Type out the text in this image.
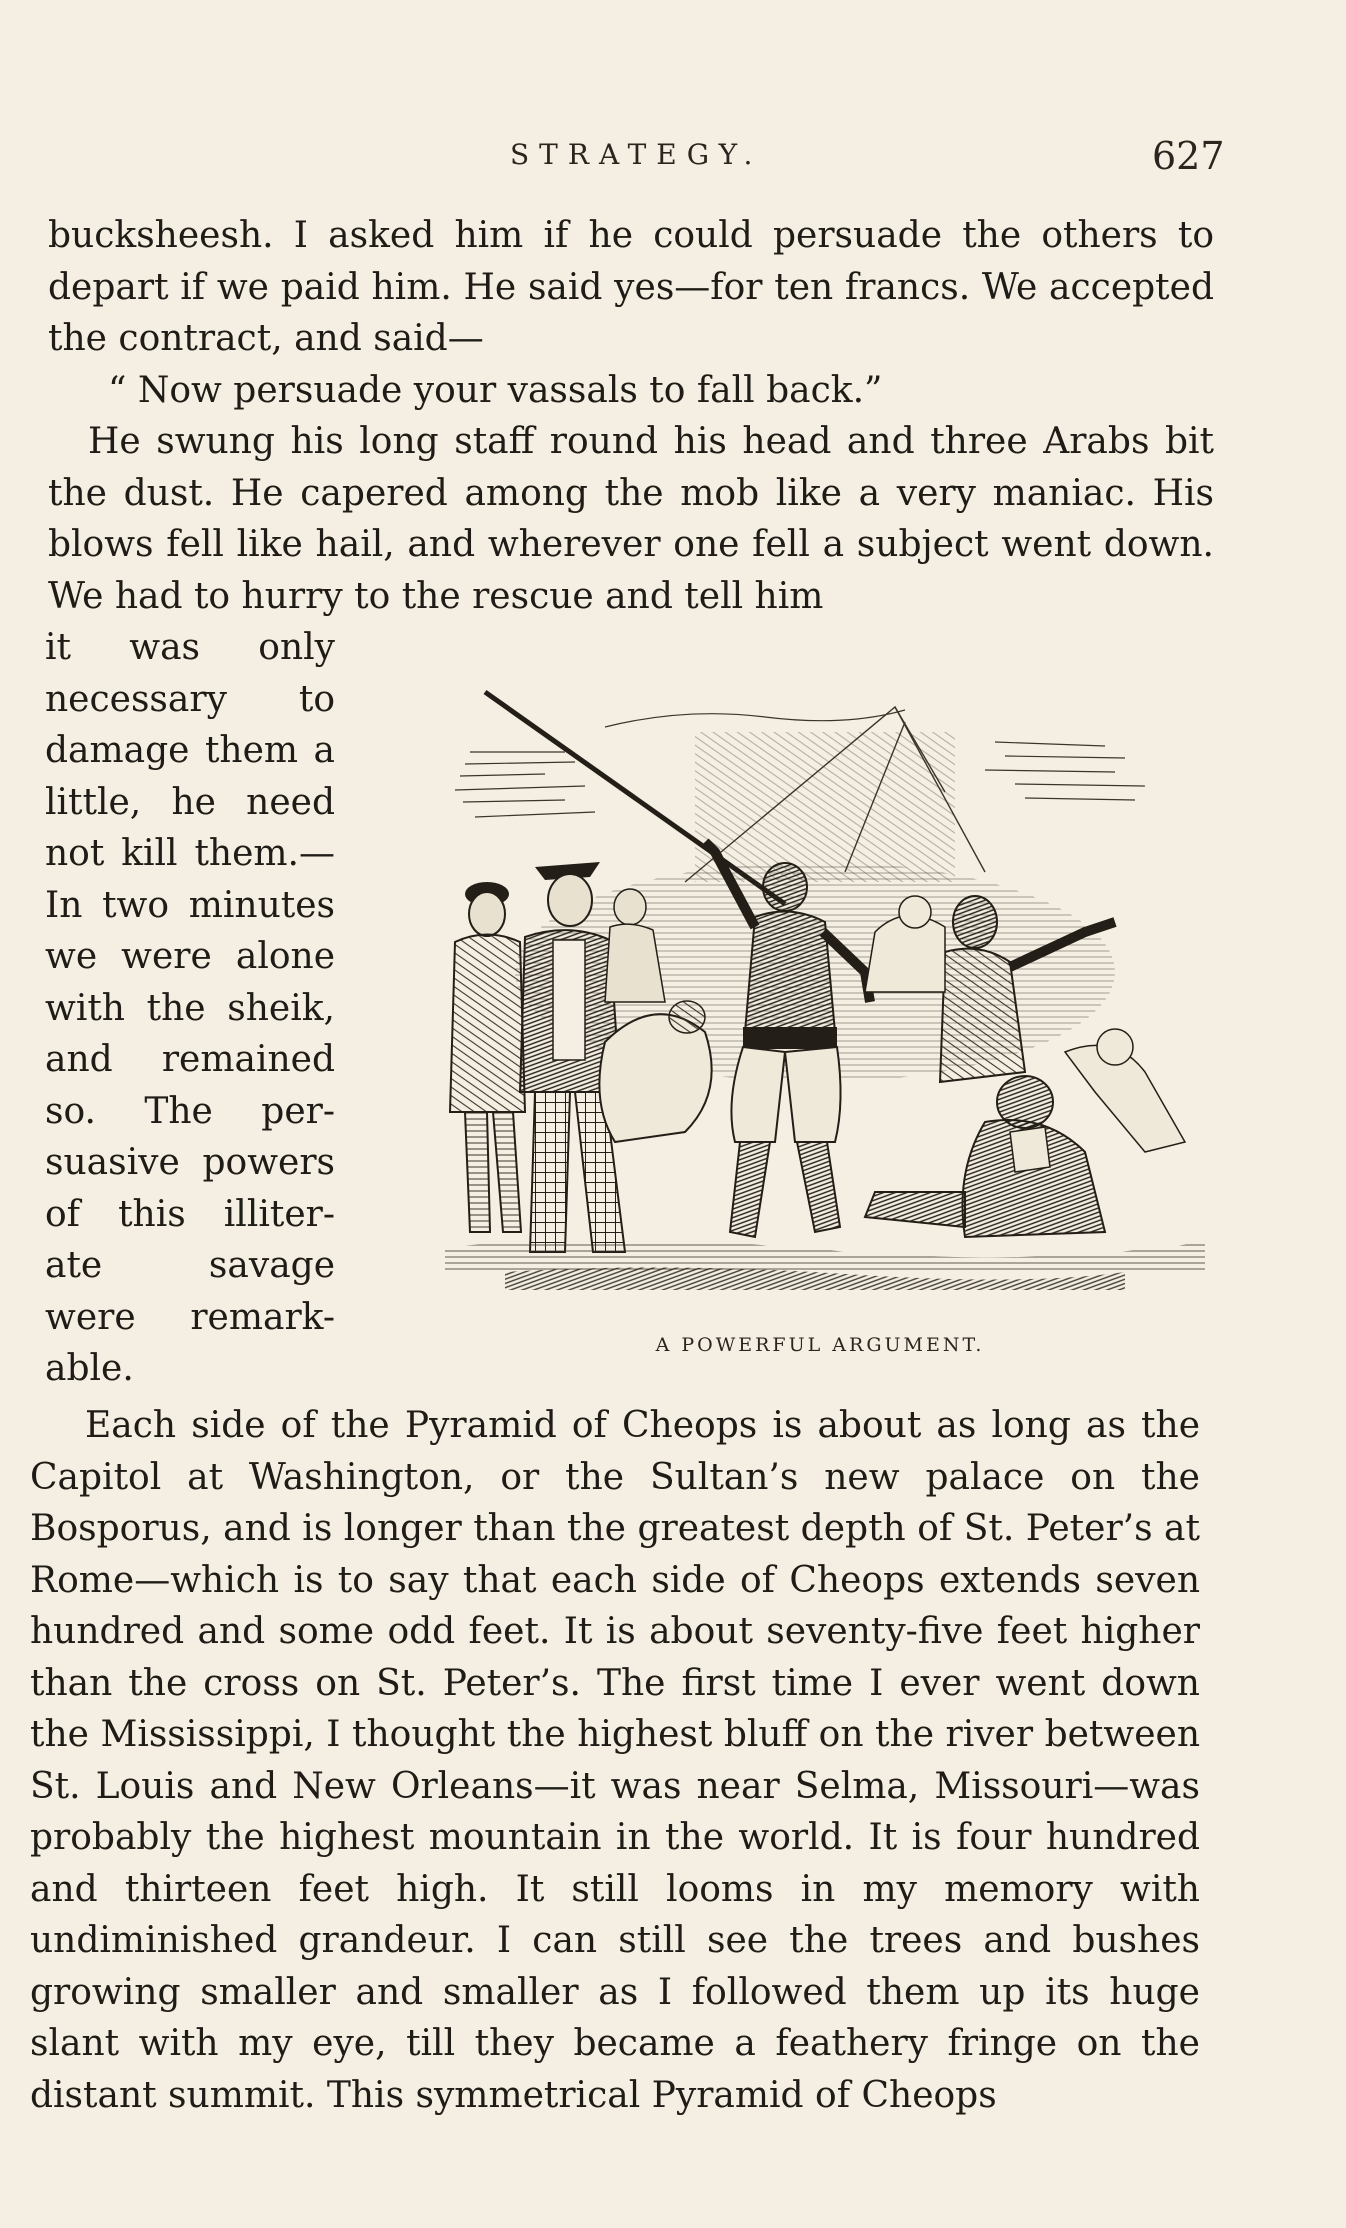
STRATEGY.	627

bucksheesh. I asked him if he could persuade the others to depart if we paid him. He said yes—for ten francs. We accepted the contract, and said—

“ Now persuade your vassals to fall back.”

He swung his long staff round his head and three Arabs bit the dust. He capered among the mob like a very maniac. His blows fell like hail, and wherever one fell a subject went down. We had to hurry to the rescue and tell him

it was only
necessary to
damage them a
little, he need
not kill them.—
In two minutes
we were alone
with the sheik,
and remained
so. The per-
suasive powers
of this illiter-
ate savage
were remark-
able.
A POWERFUL ARGUMENT.

Each side of the Pyramid of Cheops is about as long as the Capitol at Washington, or the Sultan’s new palace on the Bosporus, and is longer than the greatest depth of St. Peter’s at Rome—which is to say that each side of Cheops extends seven hundred and some odd feet. It is about seventy-five feet higher than the cross on St. Peter’s. The first time I ever went down the Mississippi, I thought the highest bluff on the river between St. Louis and New Orleans—it was near Selma, Missouri—was probably the highest mountain in the world. It is four hundred and thirteen feet high. It still looms in my memory with undiminished grandeur. I can still see the trees and bushes growing smaller and smaller as I followed them up its huge slant with my eye, till they became a feathery fringe on the distant summit. This symmetrical Pyramid of Cheops
